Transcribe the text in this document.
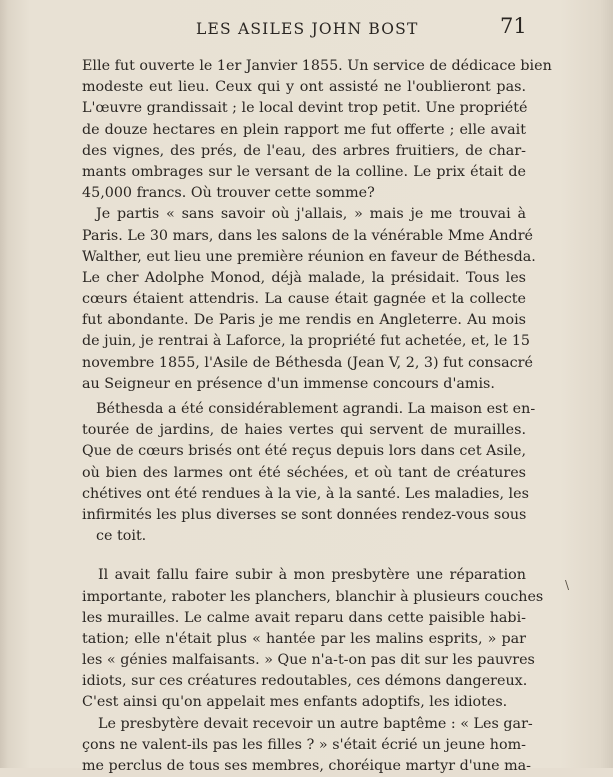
LES ASILES JOHN BOST	71
Elle fut ouverte le 1er Janvier 1855. Un service de dédicace bien
modeste eut lieu. Ceux qui y ont assisté ne l'oublieront pas.
L'œuvre grandissait ; le local devint trop petit. Une propriété
de douze hectares en plein rapport me fut offerte ; elle avait
des vignes, des prés, de l'eau, des arbres fruitiers, de char-
mants ombrages sur le versant de la colline. Le prix était de
45,000 francs. Où trouver cette somme?
Je partis « sans savoir où j'allais, » mais je me trouvai à
Paris. Le 30 mars, dans les salons de la vénérable Mme André
Walther, eut lieu une première réunion en faveur de Béthesda.
Le cher Adolphe Monod, déjà malade, la présidait. Tous les
cœurs étaient attendris. La cause était gagnée et la collecte
fut abondante. De Paris je me rendis en Angleterre. Au mois
de juin, je rentrai à Laforce, la propriété fut achetée, et, le 15
novembre 1855, l'Asile de Béthesda (Jean V, 2, 3) fut consacré
au Seigneur en présence d'un immense concours d'amis.
Béthesda a été considérablement agrandi. La maison est en-
tourée de jardins, de haies vertes qui servent de murailles.
Que de cœurs brisés ont été reçus depuis lors dans cet Asile,
où bien des larmes ont été séchées, et où tant de créatures
chétives ont été rendues à la vie, à la santé. Les maladies, les
infirmités les plus diverses se sont données rendez-vous sous
ce toit.
Il avait fallu faire subir à mon presbytère une réparation
importante, raboter les planchers, blanchir à plusieurs couches
les murailles. Le calme avait reparu dans cette paisible habi-
tation; elle n'était plus « hantée par les malins esprits, » par
les « génies malfaisants. » Que n'a-t-on pas dit sur les pauvres
idiots, sur ces créatures redoutables, ces démons dangereux.
C'est ainsi qu'on appelait mes enfants adoptifs, les idiotes.
Le presbytère devait recevoir un autre baptême : « Les gar-
çons ne valent-ils pas les filles ? » s'était écrié un jeune hom-
me perclus de tous ses membres, choréique martyr d'une ma-
\
